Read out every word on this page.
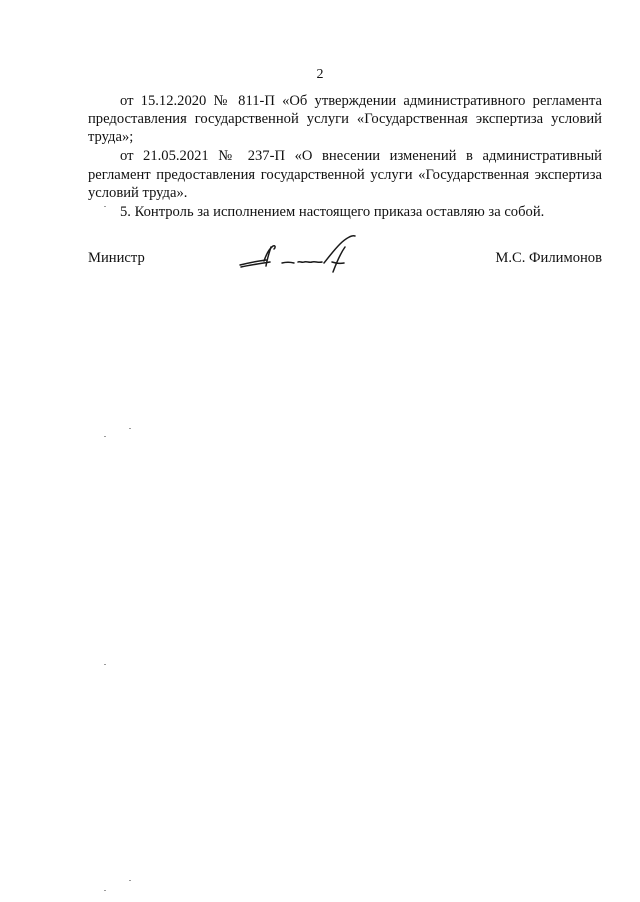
2

от 15.12.2020 № 811-П «Об утверждении административного регламента предоставления государственной услуги «Государственная экспертиза условий труда»;

от 21.05.2021 № 237-П «О внесении изменений в административный регламент предоставления государственной услуги «Государственная экспертиза условий труда».

5. Контроль за исполнением настоящего приказа оставляю за собой.

Министр	М.С. Филимонов
